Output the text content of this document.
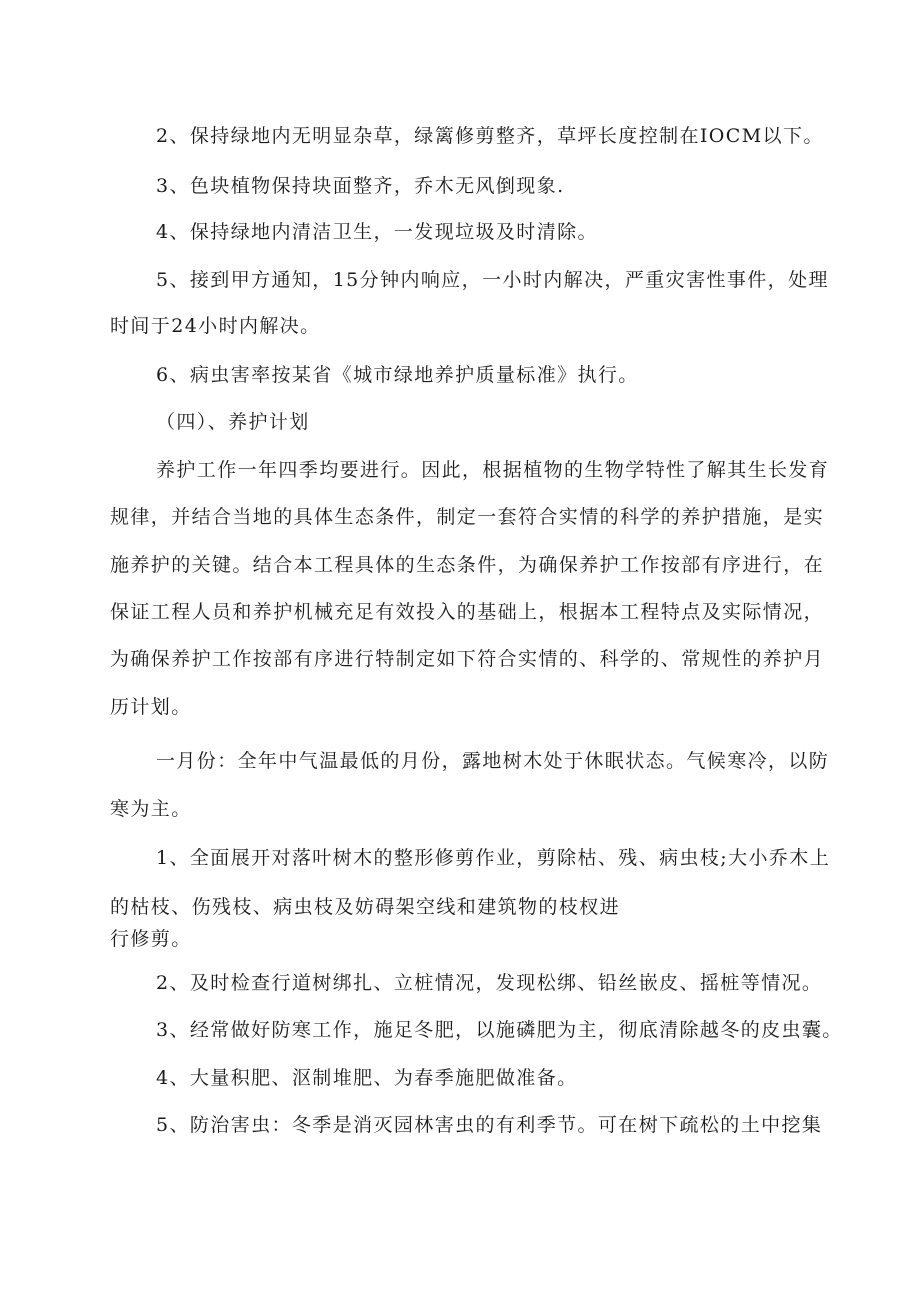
2、保持绿地内无明显杂草，绿篱修剪整齐，草坪长度控制在IOCM以下。
3、色块植物保持块面整齐，乔木无风倒现象.
4、保持绿地内清洁卫生，一发现垃圾及时清除。
5、接到甲方通知，15分钟内响应，一小时内解决，严重灾害性事件，处理
时间于24小时内解决。
6、病虫害率按某省《城市绿地养护质量标准》执行。
（四）、养护计划
养护工作一年四季均要进行。因此，根据植物的生物学特性了解其生长发育
规律，并结合当地的具体生态条件，制定一套符合实情的科学的养护措施，是实
施养护的关键。结合本工程具体的生态条件，为确保养护工作按部有序进行，在
保证工程人员和养护机械充足有效投入的基础上，根据本工程特点及实际情况，
为确保养护工作按部有序进行特制定如下符合实情的、科学的、常规性的养护月
历计划。
一月份：全年中气温最低的月份，露地树木处于休眠状态。气候寒冷，以防
寒为主。
1、全面展开对落叶树木的整形修剪作业，剪除枯、残、病虫枝;大小乔木上
的枯枝、伤残枝、病虫枝及妨碍架空线和建筑物的枝杈进
行修剪。
2、及时检查行道树绑扎、立桩情况，发现松绑、铅丝嵌皮、摇桩等情况。
3、经常做好防寒工作，施足冬肥，以施磷肥为主，彻底清除越冬的皮虫囊。
4、大量积肥、沤制堆肥、为春季施肥做准备。
5、防治害虫：冬季是消灭园林害虫的有利季节。可在树下疏松的土中挖集
